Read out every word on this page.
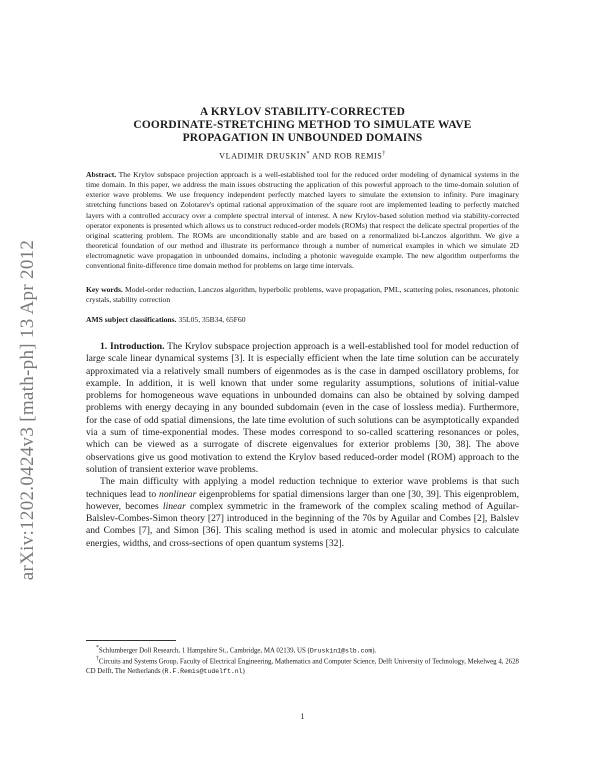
arXiv:1202.0424v3 [math-ph] 13 Apr 2012
A KRYLOV STABILITY-CORRECTED
COORDINATE-STRETCHING METHOD TO SIMULATE WAVE
PROPAGATION IN UNBOUNDED DOMAINS
VLADIMIR DRUSKIN* AND ROB REMIS†
Abstract. The Krylov subspace projection approach is a well-established tool for the reduced order modeling of dynamical systems in the time domain. In this paper, we address the main issues obstructing the application of this powerful approach to the time-domain solution of exterior wave problems. We use frequency independent perfectly matched layers to simulate the extension to infinity. Pure imaginary stretching functions based on Zolotarev's optimal rational approximation of the square root are implemented leading to perfectly matched layers with a controlled accuracy over a complete spectral interval of interest. A new Krylov-based solution method via stability-corrected operator exponents is presented which allows us to construct reduced-order models (ROMs) that respect the delicate spectral properties of the original scattering problem. The ROMs are unconditionally stable and are based on a renormalized bi-Lanczos algorithm. We give a theoretical foundation of our method and illustrate its performance through a number of numerical examples in which we simulate 2D electromagnetic wave propagation in unbounded domains, including a photonic waveguide example. The new algorithm outperforms the conventional finite-difference time domain method for problems on large time intervals.
Key words. Model-order reduction, Lanczos algorithm, hyperbolic problems, wave propagation, PML, scattering poles, resonances, photonic crystals, stability correction
AMS subject classifications. 35L05, 35B34, 65F60

1. Introduction. The Krylov subspace projection approach is a well-established tool for model reduction of large scale linear dynamical systems [3]. It is especially efficient when the late time solution can be accurately approximated via a relatively small numbers of eigenmodes as is the case in damped oscillatory problems, for example. In addition, it is well known that under some regularity assumptions, solutions of initial-value problems for homogeneous wave equations in unbounded domains can also be obtained by solving damped problems with energy decaying in any bounded subdomain (even in the case of lossless media). Furthermore, for the case of odd spatial dimensions, the late time evolution of such solutions can be asymptotically expanded via a sum of time-exponential modes. These modes correspond to so-called scattering resonances or poles, which can be viewed as a surrogate of discrete eigenvalues for exterior problems [30, 38]. The above observations give us good motivation to extend the Krylov based reduced-order model (ROM) approach to the solution of transient exterior wave problems.

The main difficulty with applying a model reduction technique to exterior wave problems is that such techniques lead to nonlinear eigenproblems for spatial dimensions larger than one [30, 39]. This eigenproblem, however, becomes linear complex symmetric in the framework of the complex scaling method of Aguilar-Balslev-Combes-Simon theory [27] introduced in the beginning of the 70s by Aguilar and Combes [2], Balslev and Combes [7], and Simon [36]. This scaling method is used in atomic and molecular physics to calculate energies, widths, and cross-sections of open quantum systems [32].

*Schlumberger Doll Research, 1 Hampshire St., Cambridge, MA 02139, US (Druskin1@slb.com).

†Circuits and Systems Group, Faculty of Electrical Engineering, Mathematics and Computer Science, Delft University of Technology, Mekelweg 4, 2628 CD Delft, The Netherlands (R.F.Remis@tudelft.nl)

1
